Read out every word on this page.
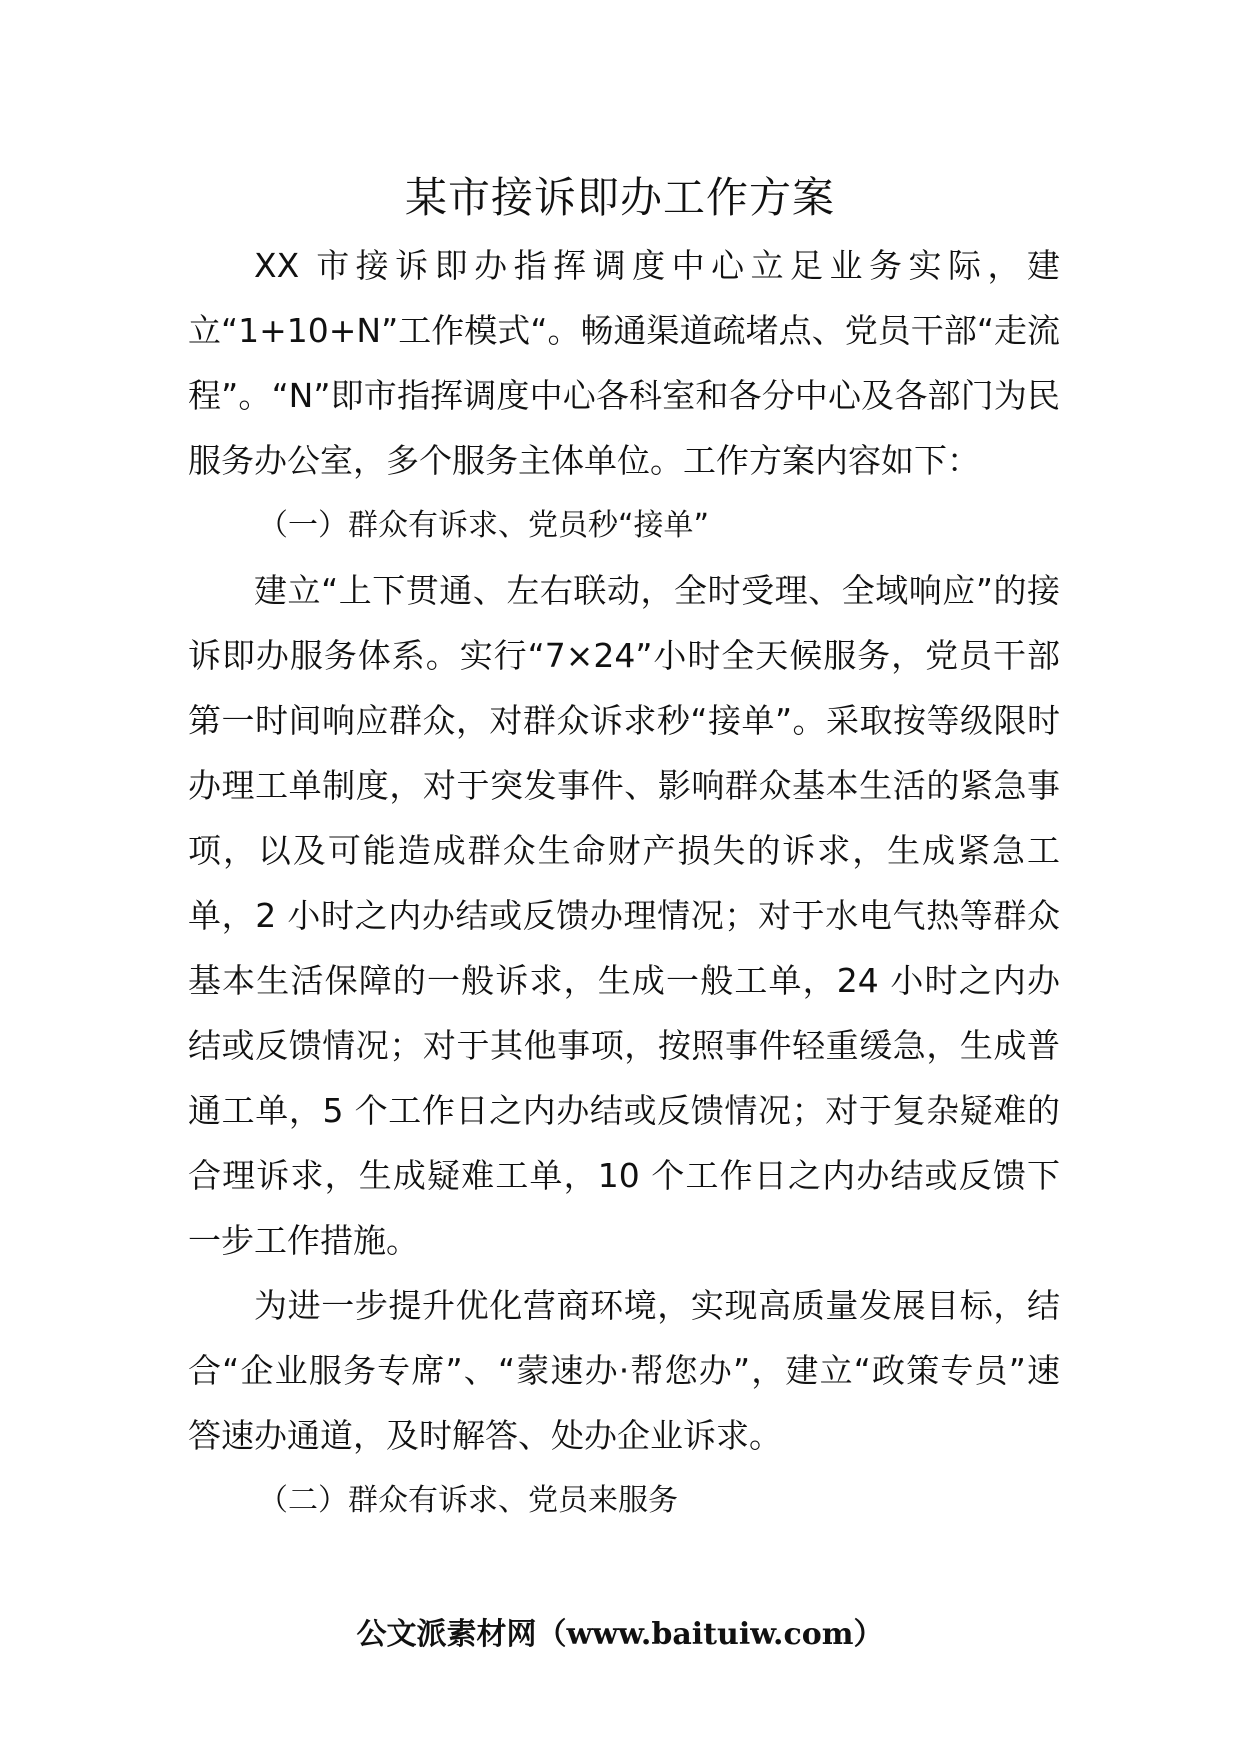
某市接诉即办工作方案

XX 市接诉即办指挥调度中心立足业务实际，建立“1+10+N”工作模式“。畅通渠道疏堵点、党员干部“走流程”。“N”即市指挥调度中心各科室和各分中心及各部门为民服务办公室，多个服务主体单位。工作方案内容如下：

（一）群众有诉求、党员秒“接单”

建立“上下贯通、左右联动，全时受理、全域响应”的接诉即办服务体系。实行“7×24”小时全天候服务，党员干部第一时间响应群众，对群众诉求秒“接单”。采取按等级限时办理工单制度，对于突发事件、影响群众基本生活的紧急事项，以及可能造成群众生命财产损失的诉求，生成紧急工单，2 小时之内办结或反馈办理情况；对于水电气热等群众基本生活保障的一般诉求，生成一般工单，24 小时之内办结或反馈情况；对于其他事项，按照事件轻重缓急，生成普通工单，5 个工作日之内办结或反馈情况；对于复杂疑难的合理诉求，生成疑难工单，10 个工作日之内办结或反馈下一步工作措施。

为进一步提升优化营商环境，实现高质量发展目标，结合“企业服务专席”、“蒙速办·帮您办”，建立“政策专员”速答速办通道，及时解答、处办企业诉求。

（二）群众有诉求、党员来服务

公文派素材网（www.baituiw.com）
